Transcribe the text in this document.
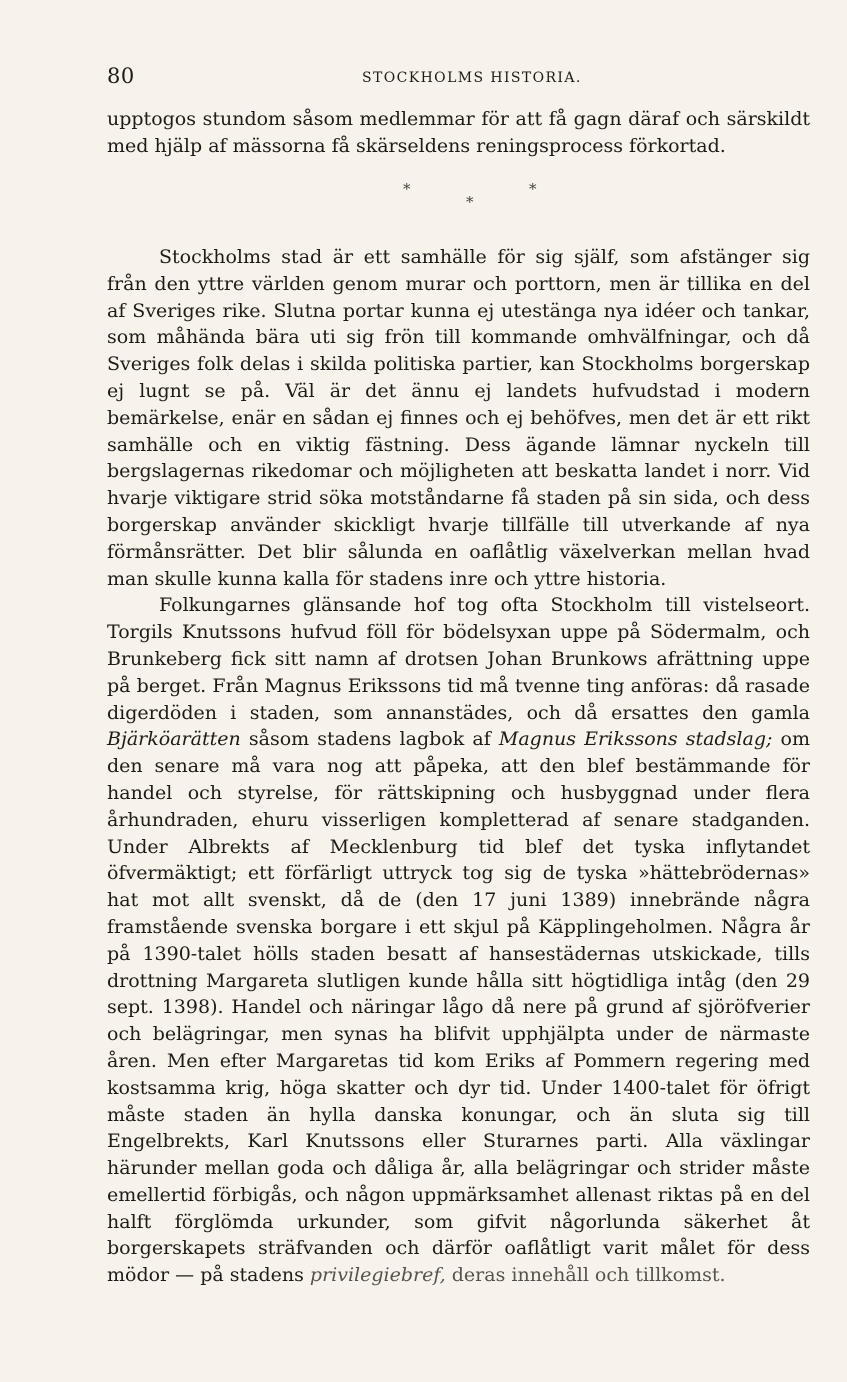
80	STOCKHOLMS HISTORIA.

upptogos stundom såsom medlemmar för att få gagn däraf och särskildt med hjälp af mässorna få skärseldens reningsprocess förkortad.

*	*
*

Stockholms stad är ett samhälle för sig själf, som afstänger sig från den yttre världen genom murar och porttorn, men är tillika en del af Sveriges rike. Slutna portar kunna ej utestänga nya idéer och tankar, som måhända bära uti sig frön till kommande omhvälfningar, och då Sveriges folk delas i skilda politiska partier, kan Stockholms borgerskap ej lugnt se på. Väl är det ännu ej landets hufvudstad i modern bemärkelse, enär en sådan ej finnes och ej behöfves, men det är ett rikt samhälle och en viktig fästning. Dess ägande lämnar nyckeln till bergslagernas rikedomar och möjligheten att beskatta landet i norr. Vid hvarje viktigare strid söka motståndarne få staden på sin sida, och dess borgerskap använder skickligt hvarje tillfälle till utverkande af nya förmånsrätter. Det blir sålunda en oaflåtlig växelverkan mellan hvad man skulle kunna kalla för stadens inre och yttre historia.

Folkungarnes glänsande hof tog ofta Stockholm till vistelseort. Torgils Knutssons hufvud föll för bödelsyxan uppe på Södermalm, och Brunkeberg fick sitt namn af drotsen Johan Brunkows afrättning uppe på berget. Från Magnus Erikssons tid må tvenne ting anföras: då rasade digerdöden i staden, som annanstädes, och då ersattes den gamla Bjärköarätten såsom stadens lagbok af Magnus Erikssons stadslag; om den senare må vara nog att påpeka, att den blef bestämmande för handel och styrelse, för rättskipning och husbyggnad under flera århundraden, ehuru visserligen kompletterad af senare stadganden. Under Albrekts af Mecklenburg tid blef det tyska inflytandet öfvermäktigt; ett förfärligt uttryck tog sig de tyska »hättebrödernas» hat mot allt svenskt, då de (den 17 juni 1389) innebrände några framstående svenska borgare i ett skjul på Käpplingeholmen. Några år på 1390-talet hölls staden besatt af hansestädernas utskickade, tills drottning Margareta slutligen kunde hålla sitt högtidliga intåg (den 29 sept. 1398). Handel och näringar lågo då nere på grund af sjöröfverier och belägringar, men synas ha blifvit upphjälpta under de närmaste åren. Men efter Margaretas tid kom Eriks af Pommern regering med kostsamma krig, höga skatter och dyr tid. Under 1400-talet för öfrigt måste staden än hylla danska konungar, och än sluta sig till Engelbrekts, Karl Knutssons eller Sturarnes parti. Alla växlingar härunder mellan goda och dåliga år, alla belägringar och strider måste emellertid förbigås, och någon uppmärksamhet allenast riktas på en del halft förglömda urkunder, som gifvit någorlunda säkerhet åt borgerskapets sträfvanden och därför oaflåtligt varit målet för dess mödor — på stadens privilegiebref, deras innehåll och tillkomst.
